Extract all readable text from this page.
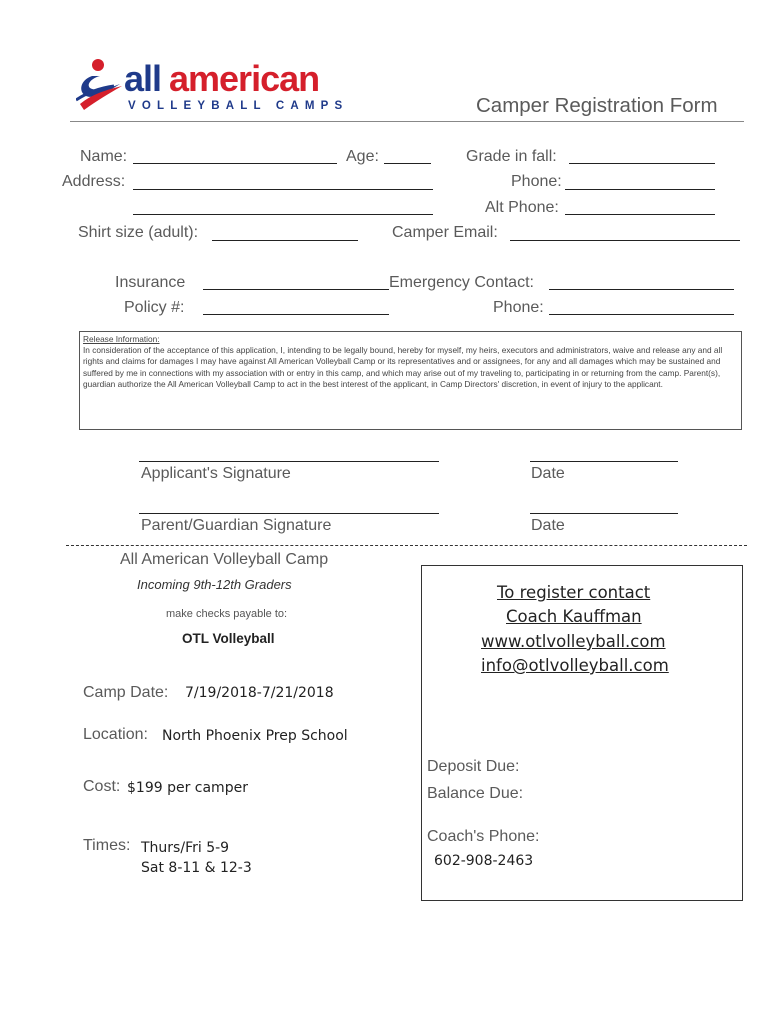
all american
VOLLEYBALL CAMPS	Camper Registration Form
Name:	Age:	Grade in fall:
Address:	Phone:
Alt Phone:
Shirt size (adult):	Camper Email:
Insurance	Emergency Contact:
Policy #:	Phone:
Release Information:
In consideration of the acceptance of this application, I, intending to be legally bound, hereby for myself, my heirs, executors and administrators, waive and release any and all rights and claims for damages I may have against All American Volleyball Camp or its representatives and or assignees, for any and all damages which may be sustained and suffered by me in connections with my association with or entry in this camp, and which may arise out of my traveling to, participating in or returning from the camp. Parent(s), guardian authorize the All American Volleyball Camp to act in the best interest of the applicant, in Camp Directors' discretion, in event of injury to the applicant.
Applicant's Signature	Date
Parent/Guardian Signature	Date
All American Volleyball Camp
Incoming 9th-12th Graders
make checks payable to:
OTL Volleyball
Camp Date: 7/19/2018-7/21/2018
Location: North Phoenix Prep School
Cost: $199 per camper
Times: Thurs/Fri 5-9
Sat 8-11 & 12-3
To register contact
Coach Kauffman
www.otlvolleyball.com
info@otlvolleyball.com
Deposit Due:
Balance Due:
Coach's Phone:
602-908-2463
